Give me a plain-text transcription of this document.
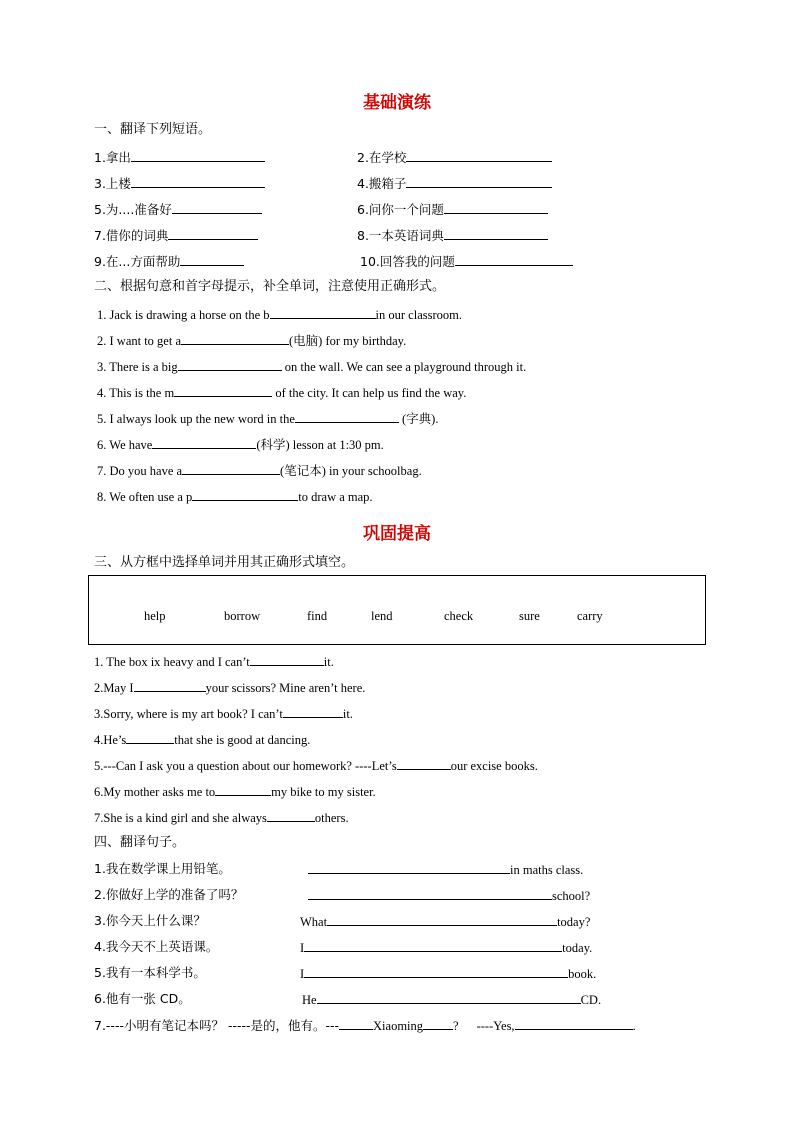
基础演练
一、翻译下列短语。
1.拿出	2.在学校
3.上楼	4.搬箱子
5.为....准备好	6.问你一个问题
7.借你的词典	8.一本英语词典
9.在...方面帮助	10.回答我的问题
二、根据句意和首字母提示，补全单词，注意使用正确形式。
1. Jack is drawing a horse on the b	in our classroom.
2. I want to get a	(电脑) for my birthday.
3. There is a big	on the wall. We can see a playground through it.
4. This is the m	of the city. It can help us find the way.
5. I always look up the new word in the	(字典).
6. We have	(科学) lesson at 1:30 pm.
7. Do you have a	(笔记本) in your schoolbag.
8. We often use a p	to draw a map.
巩固提高
三、从方框中选择单词并用其正确形式填空。
help	borrow	find	lend	check	sure	carry
1. The box ix heavy and I can’t	it.
2.May I	your scissors? Mine aren’t here.
3.Sorry, where is my art book? I can’t	it.
4.He’s	that she is good at dancing.
5.---Can I ask you a question about our homework? ----Let’s	our excise books.
6.My mother asks me to	my bike to my sister.
7.She is a kind girl and she always	others.
四、翻译句子。
1.我在数学课上用铅笔。	in maths class.
2.你做好上学的准备了吗？	school?
3.你今天上什么课？	What	today?
4.我今天不上英语课。	I	today.
5.我有一本科学书。	I	book.
6.他有一张 CD。	He	CD.
7.----小明有笔记本吗？ -----是的，他有。---	Xiaoming ? ----Yes,	.
